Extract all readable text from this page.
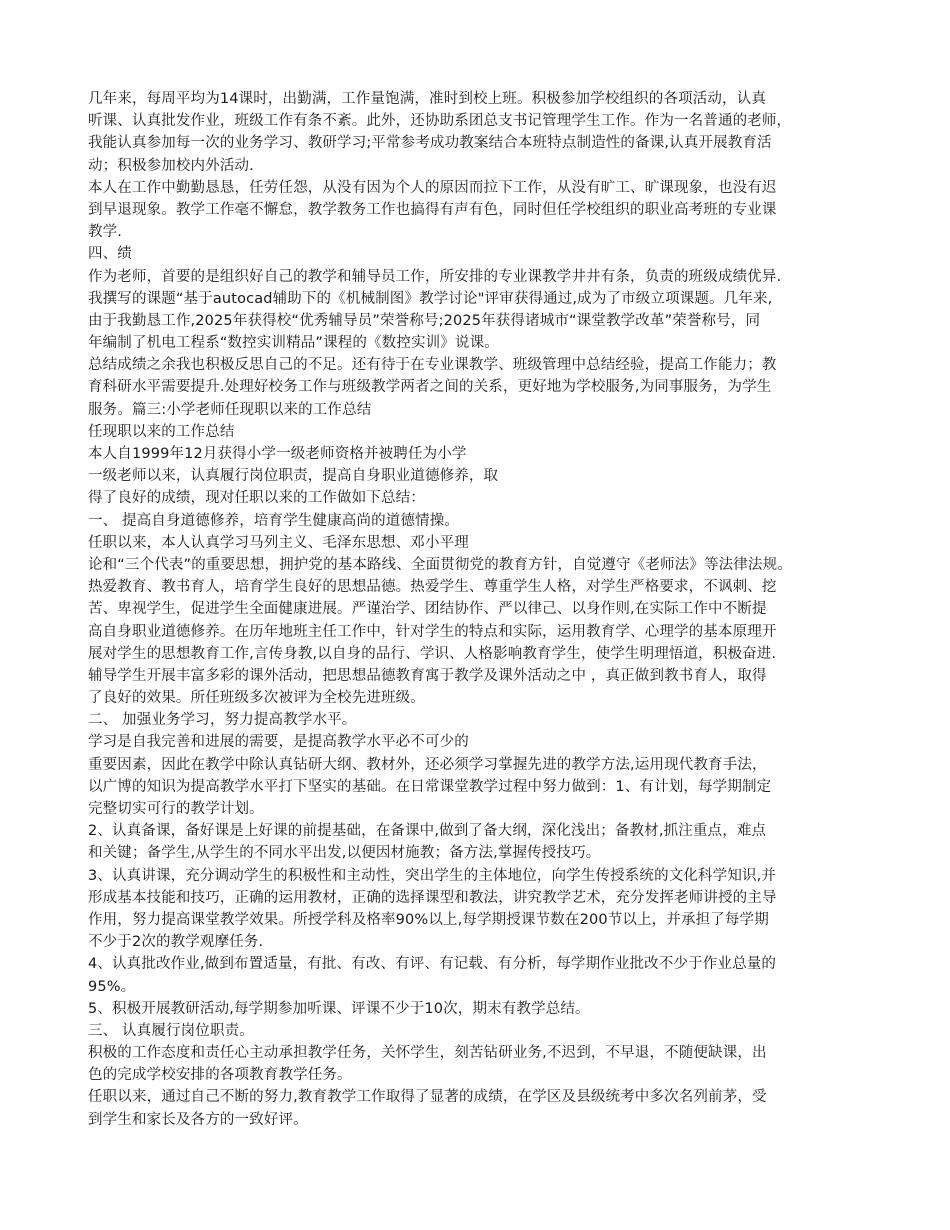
几年来，每周平均为14课时，出勤满，工作量饱满，准时到校上班。积极参加学校组织的各项活动，认真
听课、认真批发作业，班级工作有条不紊。此外，还协助系团总支书记管理学生工作。作为一名普通的老师，
我能认真参加每一次的业务学习、教研学习;平常参考成功教案结合本班特点制造性的备课,认真开展教育活
动；积极参加校内外活动.
本人在工作中勤勤恳恳，任劳任怨，从没有因为个人的原因而拉下工作，从没有旷工、旷课现象，也没有迟
到早退现象。教学工作毫不懈怠，教学教务工作也搞得有声有色，同时但任学校组织的职业高考班的专业课
教学.
四、绩
作为老师，首要的是组织好自己的教学和辅导员工作，所安排的专业课教学井井有条，负责的班级成绩优异.
我撰写的课题“基于autocad辅助下的《机械制图》教学讨论"评审获得通过,成为了市级立项课题。几年来,
由于我勤恳工作,2025年获得校“优秀辅导员”荣誉称号;2025年获得诸城市“课堂教学改革”荣誉称号，同
年编制了机电工程系“数控实训精品”课程的《数控实训》说课。
总结成绩之余我也积极反思自己的不足。还有待于在专业课教学、班级管理中总结经验，提高工作能力；教
育科研水平需要提升.处理好校务工作与班级教学两者之间的关系，更好地为学校服务,为同事服务，为学生
服务。篇三:小学老师任现职以来的工作总结
任现职以来的工作总结
本人自1999年12月获得小学一级老师资格并被聘任为小学
一级老师以来，认真履行岗位职责，提高自身职业道德修养，取
得了良好的成绩，现对任职以来的工作做如下总结：
一、 提高自身道德修养，培育学生健康高尚的道德情操。
任职以来，本人认真学习马列主义、毛泽东思想、邓小平理
论和“三个代表”的重要思想，拥护党的基本路线、全面贯彻党的教育方针，自觉遵守《老师法》等法律法规。
热爱教育、教书育人，培育学生良好的思想品德。热爱学生、尊重学生人格，对学生严格要求，不讽刺、挖
苦、卑视学生，促进学生全面健康进展。严谨治学、团结协作、严以律己、以身作则,在实际工作中不断提
高自身职业道德修养。在历年地班主任工作中，针对学生的特点和实际，运用教育学、心理学的基本原理开
展对学生的思想教育工作,言传身教,以自身的品行、学识、人格影响教育学生，使学生明理悟道，积极奋进.
辅导学生开展丰富多彩的课外活动，把思想品德教育寓于教学及课外活动之中 ，真正做到教书育人，取得
了良好的效果。所任班级多次被评为全校先进班级。
二、 加强业务学习，努力提高教学水平。
学习是自我完善和进展的需要，是提高教学水平必不可少的
重要因素，因此在教学中除认真钻研大纲、教材外，还必须学习掌握先进的教学方法,运用现代教育手法，
以广博的知识为提高教学水平打下坚实的基础。在日常课堂教学过程中努力做到：1、有计划，每学期制定
完整切实可行的教学计划。
2、认真备课，备好课是上好课的前提基础，在备课中,做到了备大纲，深化浅出；备教材,抓注重点，难点
和关键；备学生,从学生的不同水平出发,以便因材施教；备方法,掌握传授技巧。
3、认真讲课，充分调动学生的积极性和主动性，突出学生的主体地位，向学生传授系统的文化科学知识,并
形成基本技能和技巧，正确的运用教材，正确的选择课型和教法，讲究教学艺术，充分发挥老师讲授的主导
作用，努力提高课堂教学效果。所授学科及格率90%以上,每学期授课节数在200节以上，并承担了每学期
不少于2次的教学观摩任务.
4、认真批改作业,做到布置适量，有批、有改、有评、有记载、有分析，每学期作业批改不少于作业总量的
95%。
5、积极开展教研活动,每学期参加听课、评课不少于10次，期末有教学总结。
三、 认真履行岗位职责。
积极的工作态度和责任心主动承担教学任务，关怀学生，刻苦钻研业务,不迟到，不早退，不随便缺课，出
色的完成学校安排的各项教育教学任务。
任职以来，通过自己不断的努力,教育教学工作取得了显著的成绩，在学区及县级统考中多次名列前茅，受
到学生和家长及各方的一致好评。
